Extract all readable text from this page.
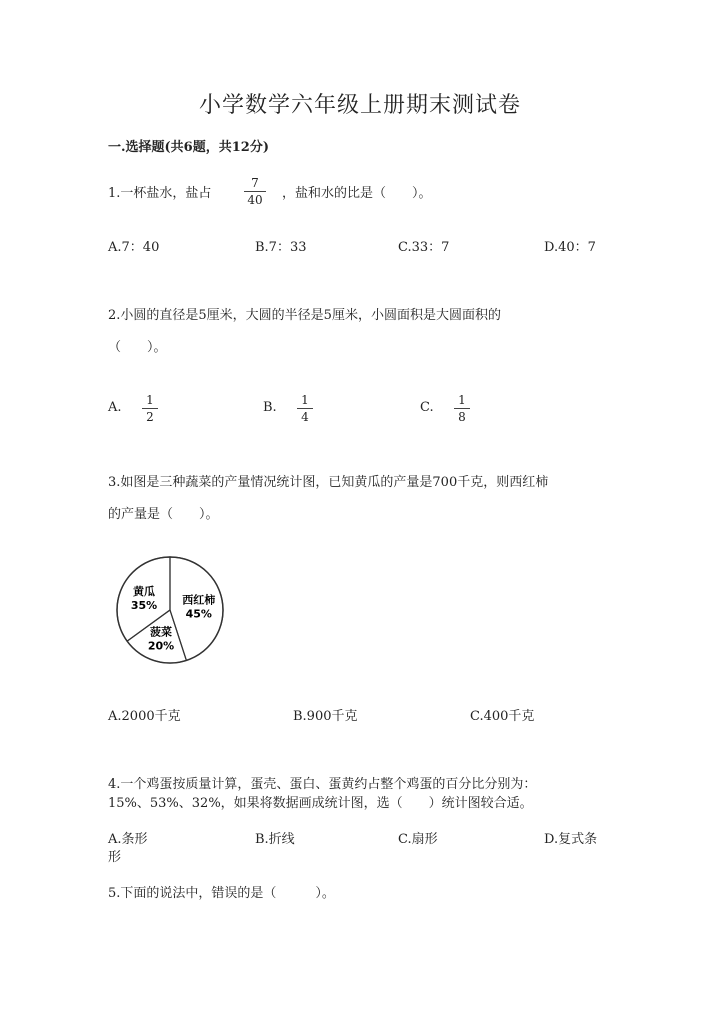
小学数学六年级上册期末测试卷
一.选择题(共6题，共12分)
1.一杯盐水，盐占
7
40 ，盐和水的比是（　　）。
A.7：40	B.7：33	C.33：7	D.40：7
2.小圆的直径是5厘米，大圆的半径是5厘米，小圆面积是大圆面积的
（　　）。
A. 1
2
B. 1
4
C. 1
8
3.如图是三种蔬菜的产量情况统计图，已知黄瓜的产量是700千克，则西红柿
的产量是（　　）。
西红柿
45%
菠菜
20%
黄瓜
35%
A.2000千克	B.900千克	C.400千克
4.一个鸡蛋按质量计算，蛋壳、蛋白、蛋黄约占整个鸡蛋的百分比分别为：
15%、53%、32%，如果将数据画成统计图，选（　　）统计图较合适。
A.条形	B.折线	C.扇形	D.复式条
形
5.下面的说法中，错误的是（　　　）。
